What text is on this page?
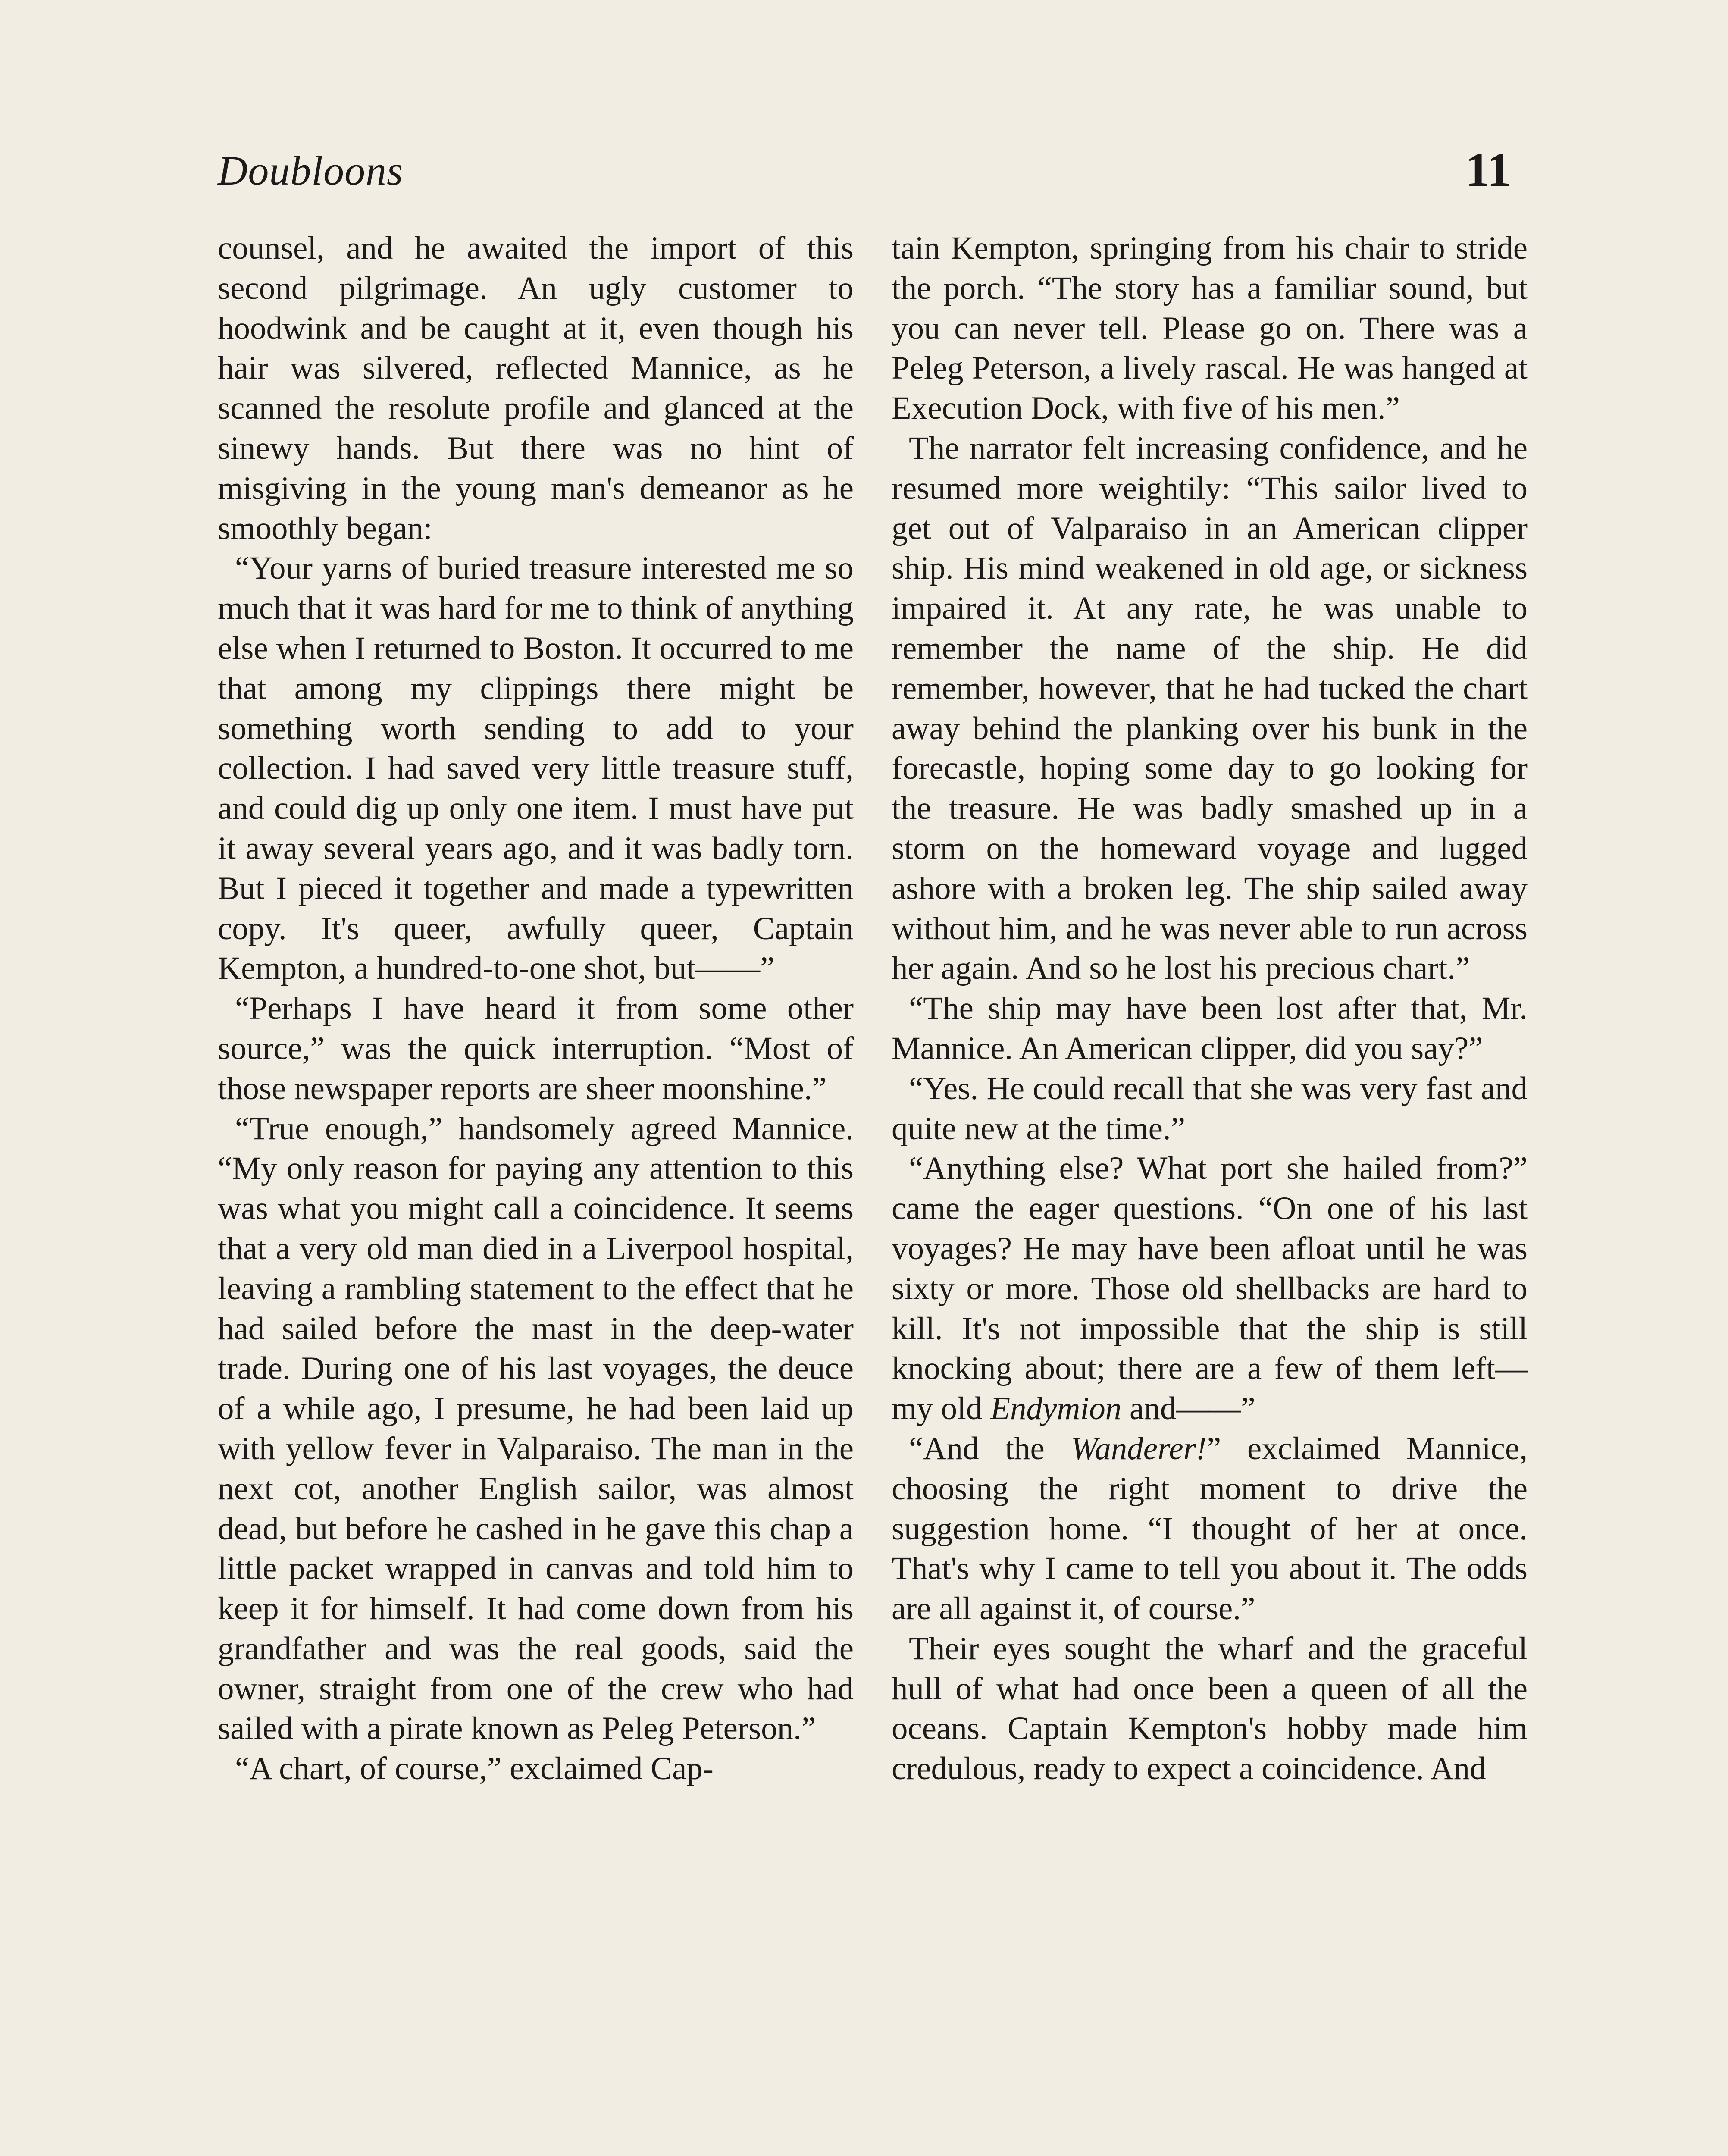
Doubloons	11

counsel, and he awaited the import of this second pilgrimage. An ugly customer to hoodwink and be caught at it, even though his hair was silvered, reflected Mannice, as he scanned the resolute profile and glanced at the sinewy hands. But there was no hint of misgiving in the young man's demeanor as he smoothly began:

“Your yarns of buried treasure interested me so much that it was hard for me to think of anything else when I returned to Boston. It occurred to me that among my clippings there might be something worth sending to add to your collection. I had saved very little treasure stuff, and could dig up only one item. I must have put it away several years ago, and it was badly torn. But I pieced it together and made a typewritten copy. It's queer, awfully queer, Captain Kempton, a hundred-to-one shot, but——”

“Perhaps I have heard it from some other source,” was the quick interruption. “Most of those newspaper reports are sheer moonshine.”

“True enough,” handsomely agreed Mannice. “My only reason for paying any attention to this was what you might call a coincidence. It seems that a very old man died in a Liverpool hospital, leaving a rambling statement to the effect that he had sailed before the mast in the deep-water trade. During one of his last voyages, the deuce of a while ago, I presume, he had been laid up with yellow fever in Valparaiso. The man in the next cot, another English sailor, was almost dead, but before he cashed in he gave this chap a little packet wrapped in canvas and told him to keep it for himself. It had come down from his grandfather and was the real goods, said the owner, straight from one of the crew who had sailed with a pirate known as Peleg Peterson.”

“A chart, of course,” exclaimed Cap-

tain Kempton, springing from his chair to stride the porch. “The story has a familiar sound, but you can never tell. Please go on. There was a Peleg Peterson, a lively rascal. He was hanged at Execution Dock, with five of his men.”

The narrator felt increasing confidence, and he resumed more weightily: “This sailor lived to get out of Valparaiso in an American clipper ship. His mind weakened in old age, or sickness impaired it. At any rate, he was unable to remember the name of the ship. He did remember, however, that he had tucked the chart away behind the planking over his bunk in the forecastle, hoping some day to go looking for the treasure. He was badly smashed up in a storm on the homeward voyage and lugged ashore with a broken leg. The ship sailed away without him, and he was never able to run across her again. And so he lost his precious chart.”

“The ship may have been lost after that, Mr. Mannice. An American clipper, did you say?”

“Yes. He could recall that she was very fast and quite new at the time.”

“Anything else? What port she hailed from?” came the eager questions. “On one of his last voyages? He may have been afloat until he was sixty or more. Those old shellbacks are hard to kill. It's not impossible that the ship is still knocking about; there are a few of them left—my old Endymion and——”

“And the Wanderer!” exclaimed Mannice, choosing the right moment to drive the suggestion home. “I thought of her at once. That's why I came to tell you about it. The odds are all against it, of course.”

Their eyes sought the wharf and the graceful hull of what had once been a queen of all the oceans. Captain Kempton's hobby made him credulous, ready to expect a coincidence. And
